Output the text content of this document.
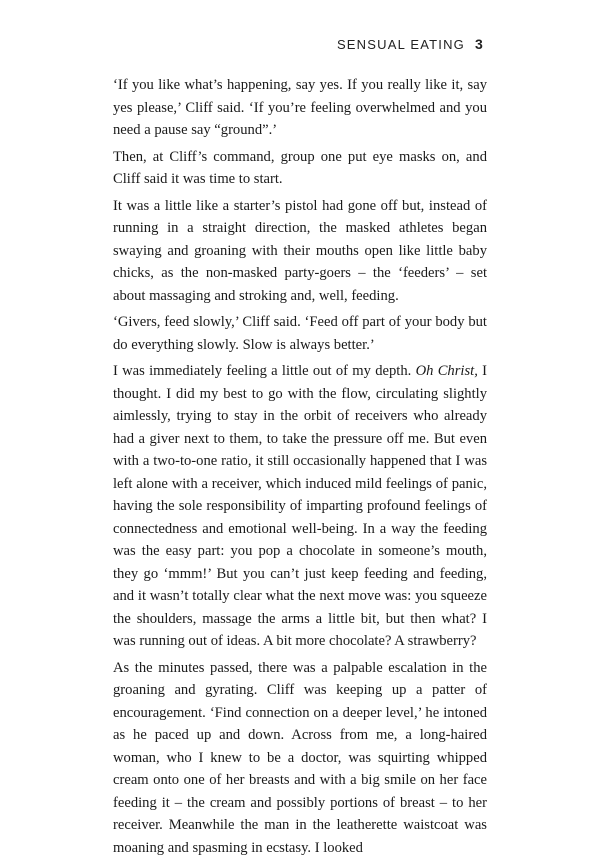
SENSUAL EATING 3

‘If you like what’s happening, say yes. If you really like it, say yes please,’ Cliff said. ‘If you’re feeling overwhelmed and you need a pause say “ground”.’

Then, at Cliff’s command, group one put eye masks on, and Cliff said it was time to start.

It was a little like a starter’s pistol had gone off but, instead of running in a straight direction, the masked athletes began swaying and groaning with their mouths open like little baby chicks, as the non-masked party-goers – the ‘feeders’ – set about massaging and stroking and, well, feeding.

‘Givers, feed slowly,’ Cliff said. ‘Feed off part of your body but do everything slowly. Slow is always better.’

I was immediately feeling a little out of my depth. Oh Christ, I thought. I did my best to go with the flow, circulating slightly aimlessly, trying to stay in the orbit of receivers who already had a giver next to them, to take the pressure off me. But even with a two-to-one ratio, it still occasionally happened that I was left alone with a receiver, which induced mild feelings of panic, having the sole responsibility of imparting profound feelings of connectedness and emotional well-being. In a way the feeding was the easy part: you pop a chocolate in someone’s mouth, they go ‘mmm!’ But you can’t just keep feeding and feeding, and it wasn’t totally clear what the next move was: you squeeze the shoulders, massage the arms a little bit, but then what? I was running out of ideas. A bit more chocolate? A strawberry?

As the minutes passed, there was a palpable escalation in the groaning and gyrating. Cliff was keeping up a patter of encouragement. ‘Find connection on a deeper level,’ he intoned as he paced up and down. Across from me, a long-haired woman, who I knew to be a doctor, was squirting whipped cream onto one of her breasts and with a big smile on her face feeding it – the cream and possibly portions of breast – to her receiver. Meanwhile the man in the leatherette waistcoat was moaning and spasming in ecstasy. I looked
